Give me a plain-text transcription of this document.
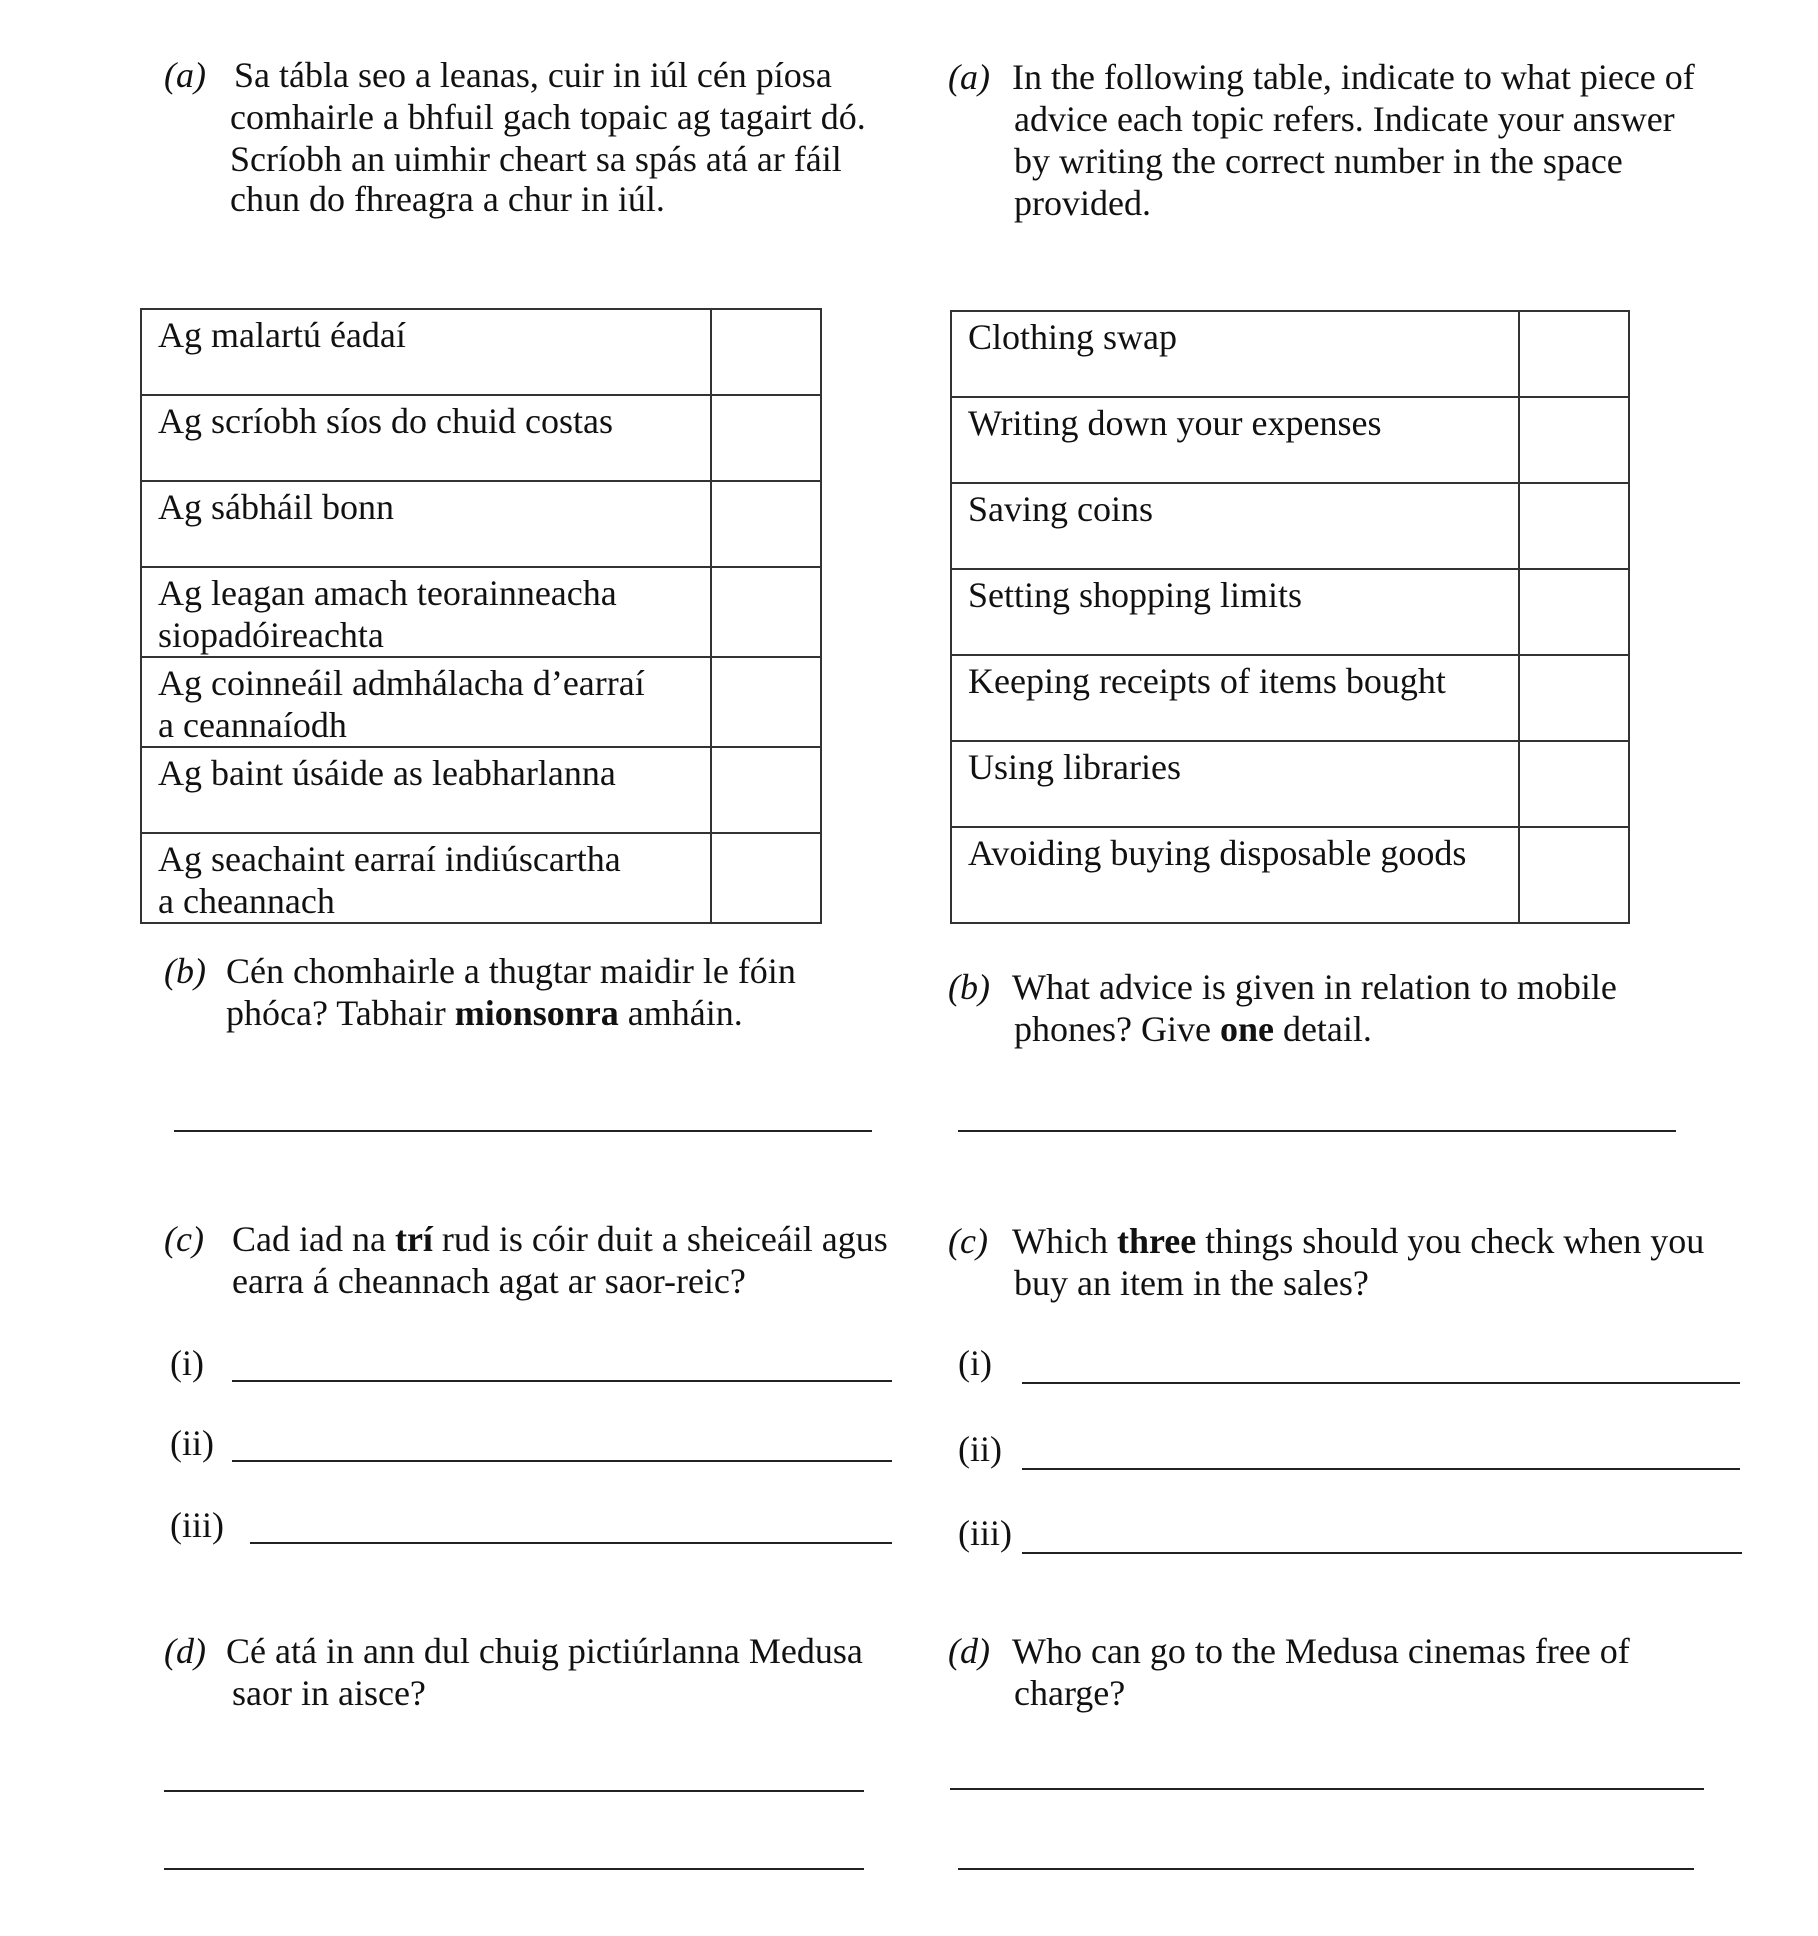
(a) Sa tábla seo a leanas, cuir in iúl cén píosa
comhairle a bhfuil gach topaic ag tagairt dó.
Scríobh an uimhir cheart sa spás atá ar fáil
chun do fhreagra a chur in iúl.
Ag malartú éadaí	
Ag scríobh síos do chuid costas	
Ag sábháil bonn	

Ag leagan amach teorainneacha
siopadóireachta	

Ag coinneáil admhálacha d’earraí
a ceannaíodh	

Ag baint úsáide as leabharlanna	

Ag seachaint earraí indiúscartha
a cheannach	

(b) Cén chomhairle a thugtar maidir le fóin
phóca? Tabhair mionsonra amháin.
(c) Cad iad na trí rud is cóir duit a sheiceáil agus
earra á cheannach agat ar saor-reic?
(i)
(ii)
(iii)
(d) Cé atá in ann dul chuig pictiúrlanna Medusa
saor in aisce?
(a) In the following table, indicate to what piece of
advice each topic refers. Indicate your answer
by writing the correct number in the space
provided.
Clothing swap	
Writing down your expenses	
Saving coins	
Setting shopping limits	
Keeping receipts of items bought	
Using libraries	
Avoiding buying disposable goods	
(b) What advice is given in relation to mobile
phones? Give one detail.
(c) Which three things should you check when you
buy an item in the sales?
(i)
(ii)
(iii)
(d) Who can go to the Medusa cinemas free of
charge?
